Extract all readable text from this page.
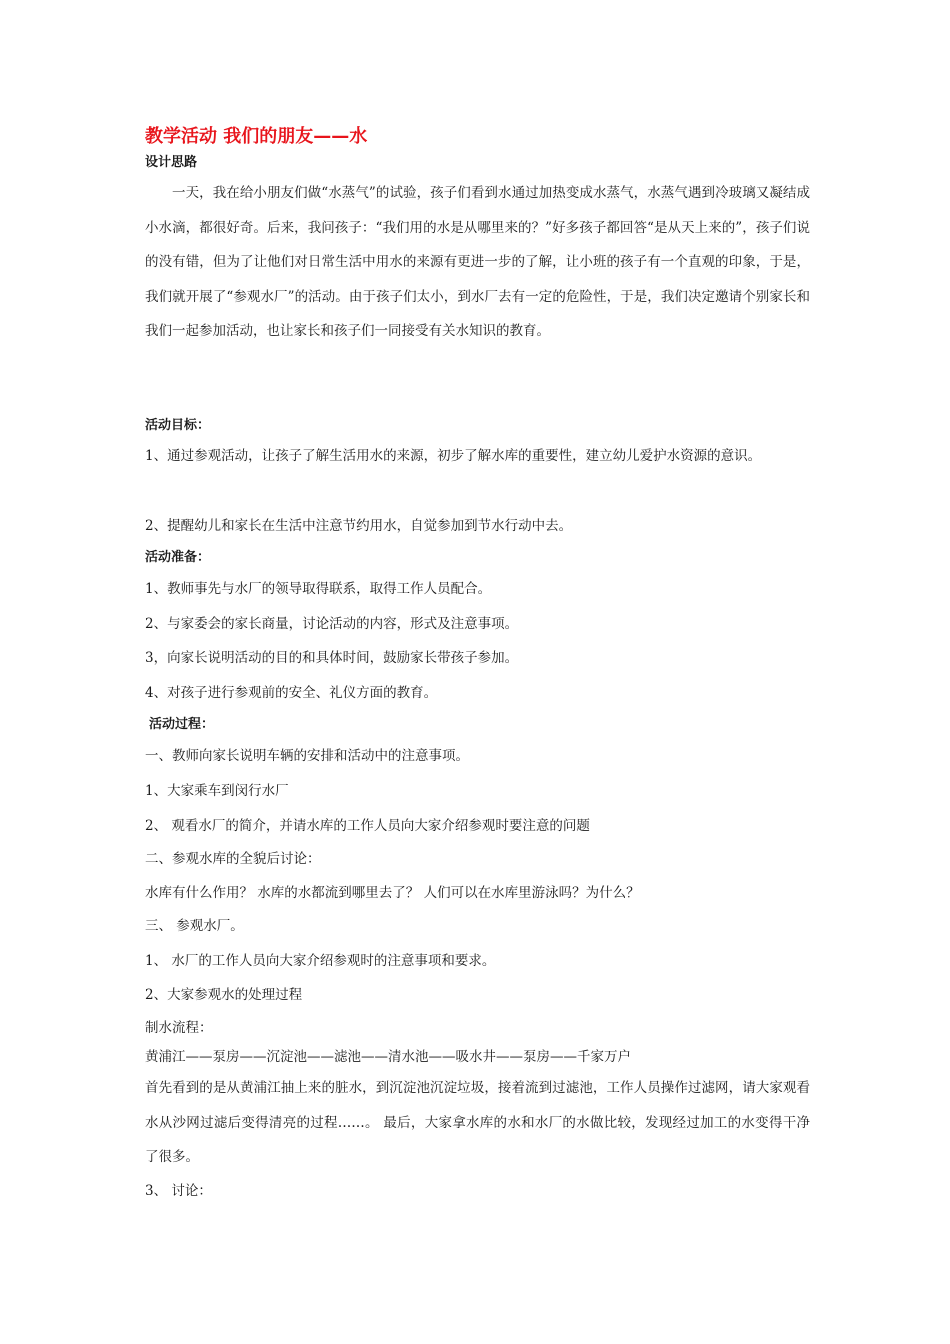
教学活动 我们的朋友——水
设计思路
一天，我在给小朋友们做“水蒸气”的试验，孩子们看到水通过加热变成水蒸气，水蒸气遇到冷玻璃又凝结成小水滴，都很好奇。后来，我问孩子：“我们用的水是从哪里来的？”好多孩子都回答“是从天上来的”，孩子们说的没有错，但为了让他们对日常生活中用水的来源有更进一步的了解，让小班的孩子有一个直观的印象，于是，我们就开展了“参观水厂”的活动。由于孩子们太小，到水厂去有一定的危险性，于是，我们决定邀请个别家长和我们一起参加活动，也让家长和孩子们一同接受有关水知识的教育。
活动目标：
1、通过参观活动，让孩子了解生活用水的来源，初步了解水库的重要性，建立幼儿爱护水资源的意识。
2、提醒幼儿和家长在生活中注意节约用水，自觉参加到节水行动中去。
活动准备：
1、教师事先与水厂的领导取得联系，取得工作人员配合。
2、与家委会的家长商量，讨论活动的内容，形式及注意事项。
3，向家长说明活动的目的和具体时间，鼓励家长带孩子参加。
4、对孩子进行参观前的安全、礼仪方面的教育。
活动过程：
一、教师向家长说明车辆的安排和活动中的注意事项。
1、大家乘车到闵行水厂
2、 观看水厂的简介，并请水库的工作人员向大家介绍参观时要注意的问题
二、参观水库的全貌后讨论：
水库有什么作用？ 水库的水都流到哪里去了？ 人们可以在水库里游泳吗？为什么？
三、 参观水厂。
1、 水厂的工作人员向大家介绍参观时的注意事项和要求。
2、大家参观水的处理过程
制水流程：
黄浦江——泵房——沉淀池——滤池——清水池——吸水井——泵房——千家万户
首先看到的是从黄浦江抽上来的脏水，到沉淀池沉淀垃圾，接着流到过滤池，工作人员操作过滤网，请大家观看水从沙网过滤后变得清亮的过程……。 最后，大家拿水库的水和水厂的水做比较，发现经过加工的水变得干净了很多。
3、 讨论：
